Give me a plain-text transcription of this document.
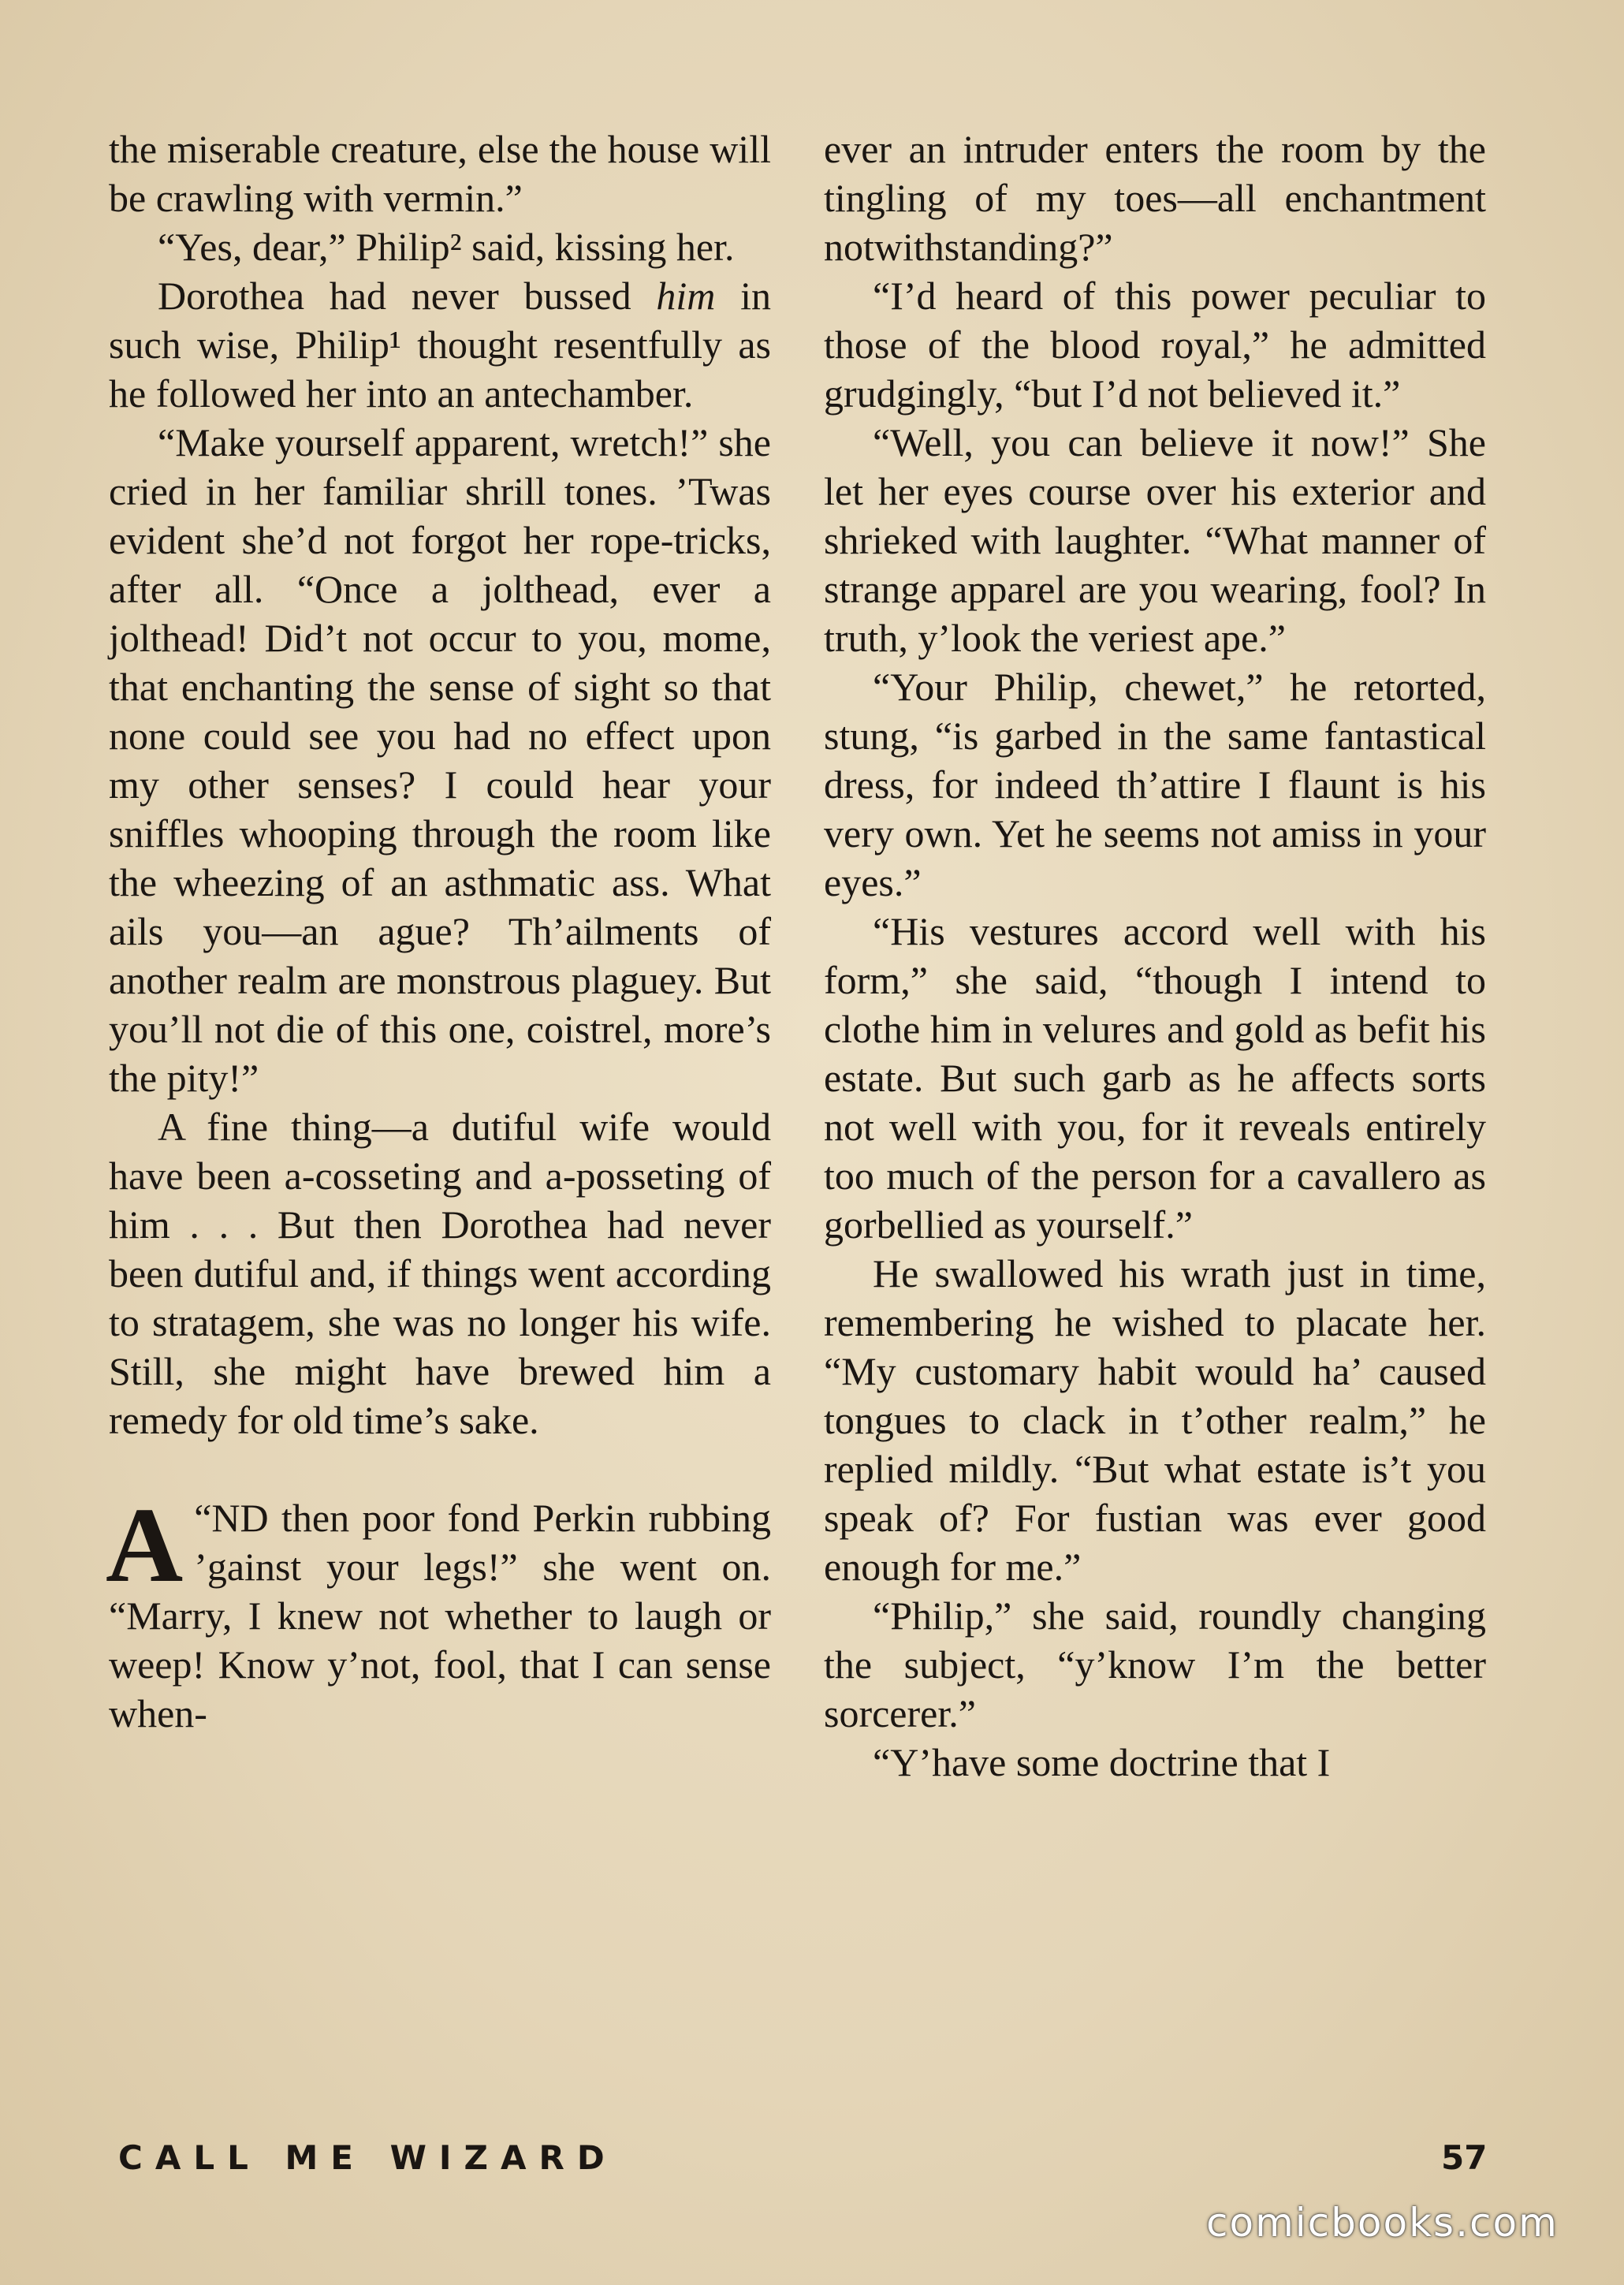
the miserable creature, else the house will be crawling with vermin.”

“Yes, dear,” Philip² said, kissing her.

Dorothea had never bussed him in such wise, Philip¹ thought resentfully as he followed her into an antechamber.

“Make yourself apparent, wretch!” she cried in her familiar shrill tones. ’Twas evident she’d not forgot her rope-tricks, after all. “Once a jolthead, ever a jolthead! Did’t not occur to you, mome, that enchanting the sense of sight so that none could see you had no effect upon my other senses? I could hear your sniffles whooping through the room like the wheezing of an asthmatic ass. What ails you—an ague? Th’ailments of another realm are monstrous plaguey. But you’ll not die of this one, coistrel, more’s the pity!”

A fine thing—a dutiful wife would have been a-cosseting and a-posseting of him . . . But then Dorothea had never been dutiful and, if things went according to stratagem, she was no longer his wife. Still, she might have brewed him a remedy for old time’s sake.

“
A ND then poor fond Perkin rubbing ’gainst your legs!” she went on. “Marry, I knew not whether to laugh or weep! Know y’not, fool, that I can sense when-

ever an intruder enters the room by the tingling of my toes—all enchantment notwithstanding?”

“I’d heard of this power peculiar to those of the blood royal,” he admitted grudgingly, “but I’d not believed it.”

“Well, you can believe it now!” She let her eyes course over his exterior and shrieked with laughter. “What manner of strange apparel are you wearing, fool? In truth, y’look the veriest ape.”

“Your Philip, chewet,” he retorted, stung, “is garbed in the same fantastical dress, for indeed th’attire I flaunt is his very own. Yet he seems not amiss in your eyes.”

“His vestures accord well with his form,” she said, “though I intend to clothe him in velures and gold as befit his estate. But such garb as he affects sorts not well with you, for it reveals entirely too much of the person for a cavallero as gorbellied as yourself.”

He swallowed his wrath just in time, remembering he wished to placate her. “My customary habit would ha’ caused tongues to clack in t’other realm,” he replied mildly. “But what estate is’t you speak of? For fustian was ever good enough for me.”

“Philip,” she said, roundly changing the subject, “y’know I’m the better sorcerer.”

“Y’have some doctrine that I

CALL ME WIZARD	57
comicbooks.com
